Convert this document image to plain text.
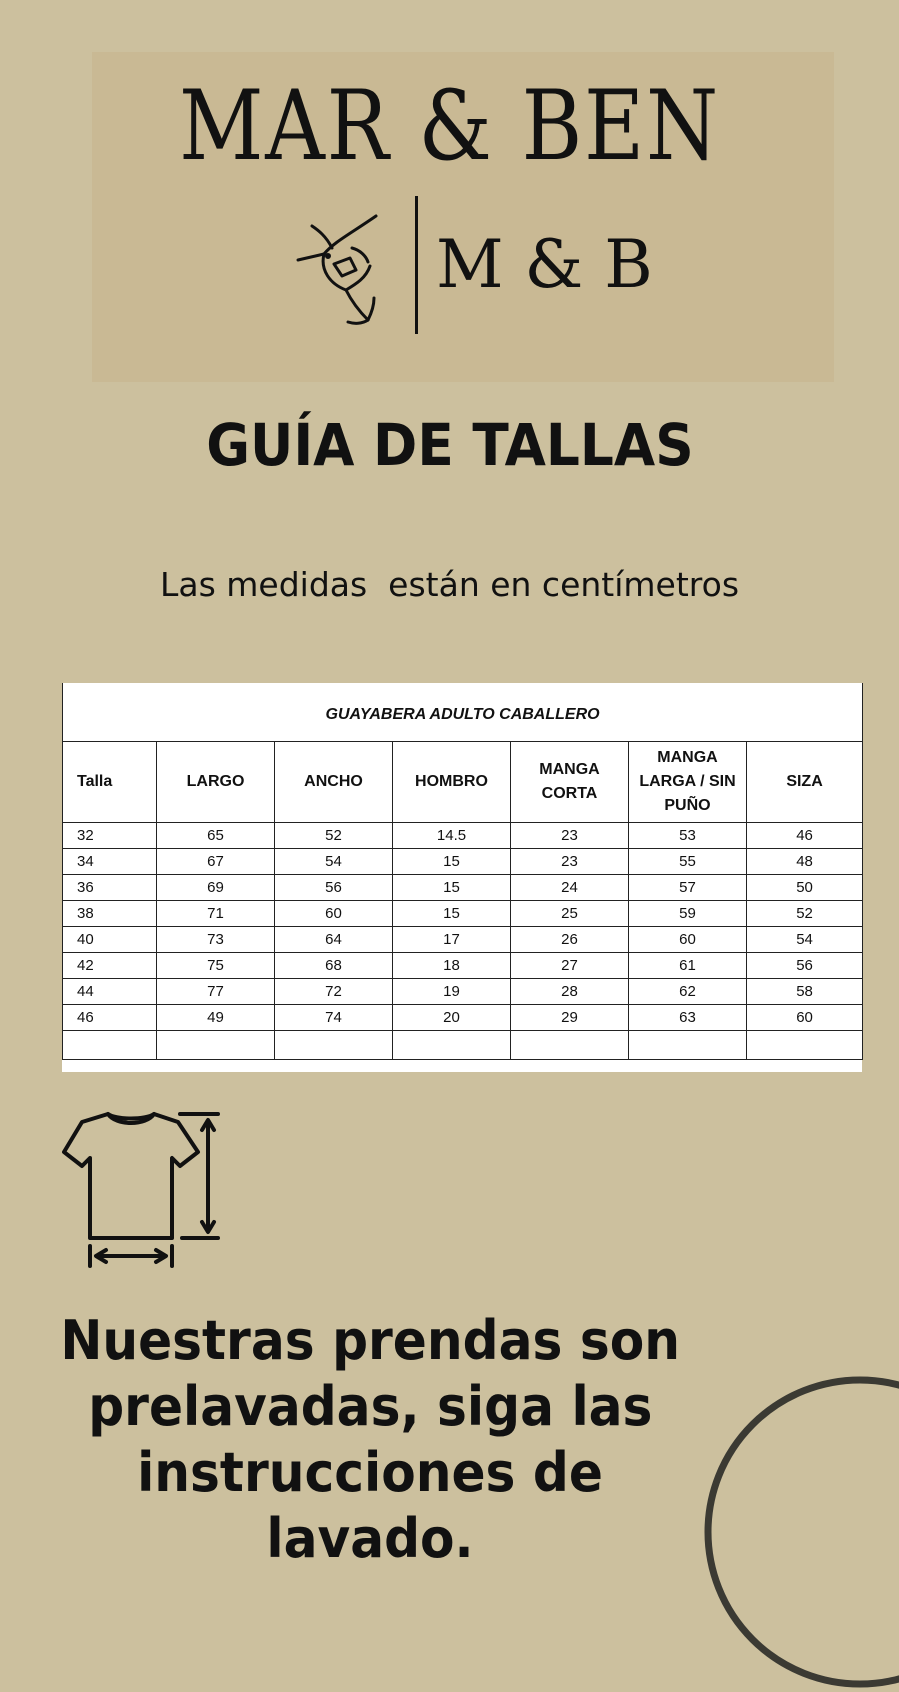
MAR & BEN
M & B
GUÍA DE TALLAS
Las medidas  están en centímetros
GUAYABERA ADULTO CABALLERO						
Talla	LARGO	ANCHO	HOMBRO	MANGA CORTA	MANGA LARGA / SIN PUÑO	SIZA
32	65	52	14.5	23	53	46
34	67	54	15	23	55	48
36	69	56	15	24	57	50
38	71	60	15	25	59	52
40	73	64	17	26	60	54
42	75	68	18	27	61	56
44	77	72	19	28	62	58
46	49	74	20	29	63	60

Nuestras prendas son
prelavadas, siga las
instrucciones de lavado.
